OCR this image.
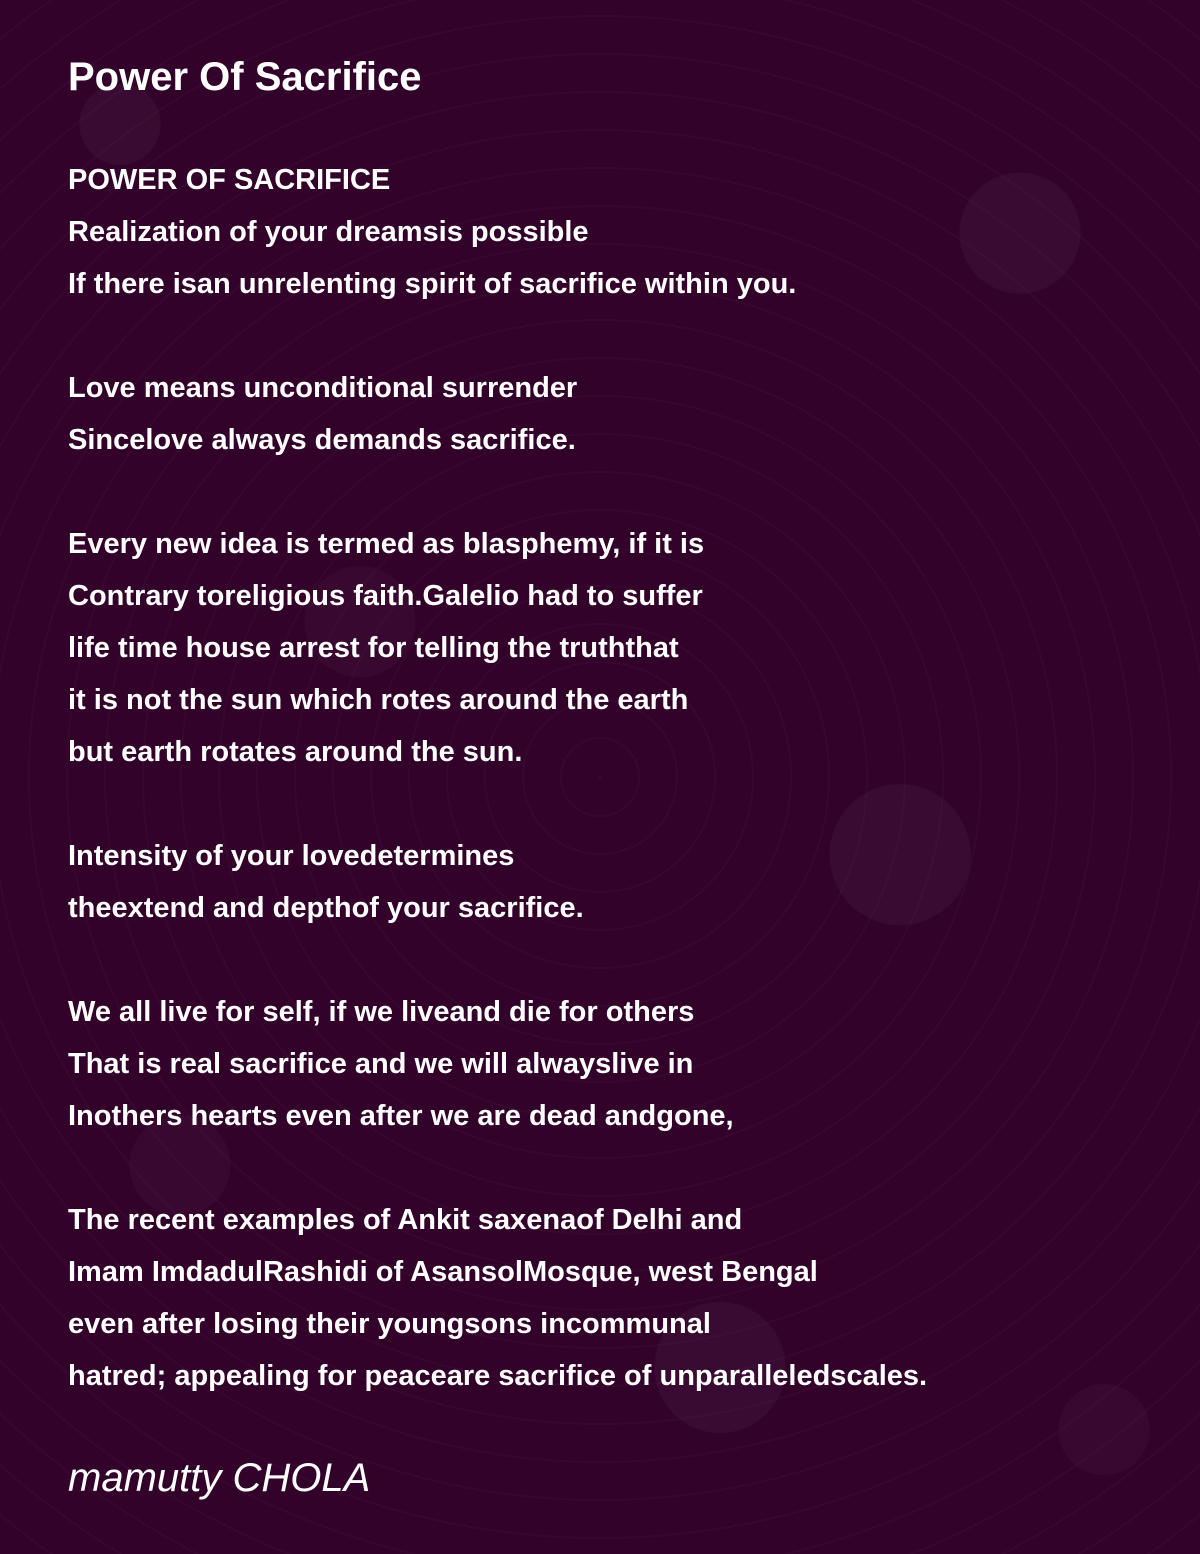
Power Of Sacrifice
POWER OF SACRIFICE
Realization of your dreamsis possible
If there isan unrelenting spirit of sacrifice within you.
Love means unconditional surrender
Sincelove always demands sacrifice.
Every new idea is termed as blasphemy, if it is
Contrary toreligious faith.Galelio had to suffer
life time house arrest for telling the truththat
it is not the sun which rotes around the earth
but earth rotates around the sun.
Intensity of your lovedetermines
theextend and depthof your sacrifice.
We all live for self, if we liveand die for others
That is real sacrifice and we will alwayslive in
Inothers hearts even after we are dead andgone,
The recent examples of Ankit saxenaof Delhi and
Imam ImdadulRashidi of AsansolMosque, west Bengal
even after losing their youngsons incommunal
hatred; appealing for peaceare sacrifice of unparalleledscales.
mamutty CHOLA
